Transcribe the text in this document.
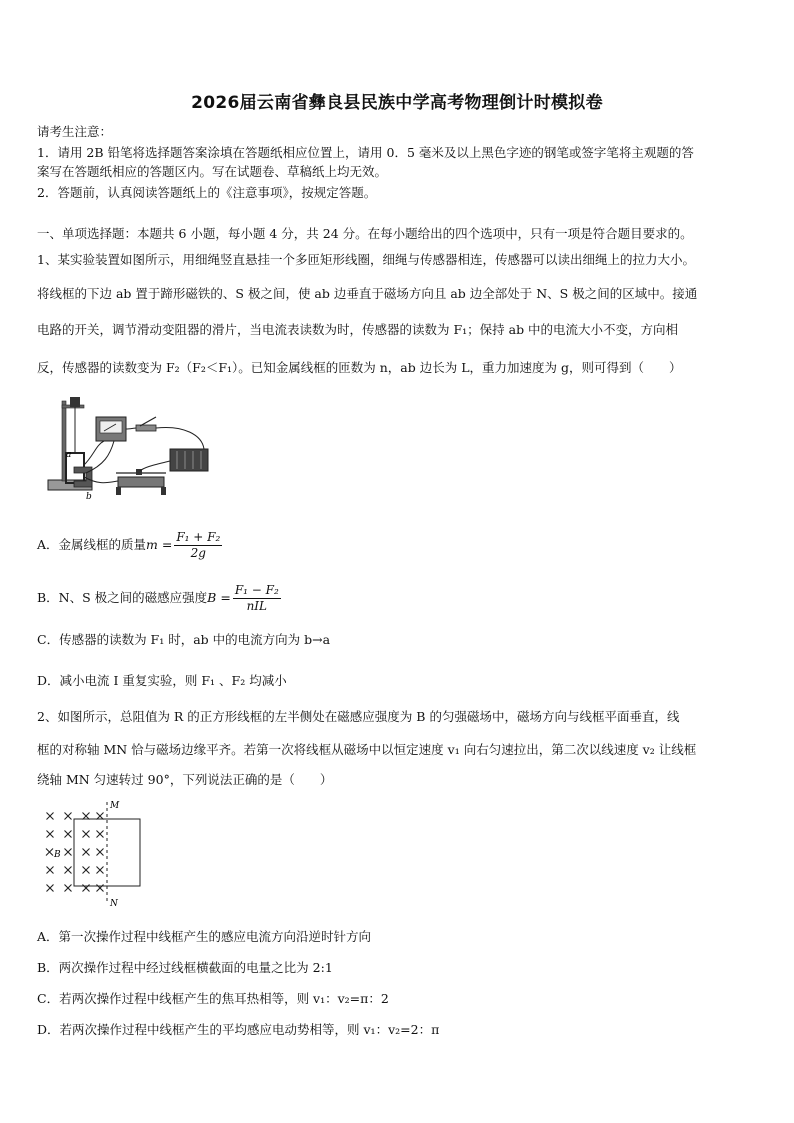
2026届云南省彝良县民族中学高考物理倒计时模拟卷
请考生注意：
1．请用 2B 铅笔将选择题答案涂填在答题纸相应位置上，请用 0．5 毫米及以上黑色字迹的钢笔或签字笔将主观题的答
案写在答题纸相应的答题区内。写在试题卷、草稿纸上均无效。
2．答题前，认真阅读答题纸上的《注意事项》，按规定答题。
一、单项选择题：本题共 6 小题，每小题 4 分，共 24 分。在每小题给出的四个选项中，只有一项是符合题目要求的。
1、某实验装置如图所示，用细绳竖直悬挂一个多匝矩形线圈，细绳与传感器相连，传感器可以读出细绳上的拉力大小。
将线框的下边 ab 置于蹄形磁铁的、S 极之间，使 ab 边垂直于磁场方向且 ab 边全部处于 N、S 极之间的区域中。接通
电路的开关，调节滑动变阻器的滑片，当电流表读数为时，传感器的读数为 F₁；保持 ab 中的电流大小不变，方向相
反，传感器的读数变为 F₂（F₂＜F₁）。已知金属线框的匝数为 n，ab 边长为 L，重力加速度为 g，则可得到（　　）
a
b
A．金属线框的质量$m = \frac{\text{F₁ + F₂}}{2g}$
B．N、S 极之间的磁感应强度$B = \frac{\text{F₁ − F₂}}{\text{nIL}}$
C．传感器的读数为 F₁ 时，ab 中的电流方向为 b→a
D．减小电流 I 重复实验，则 F₁ 、F₂ 均减小
2、如图所示，总阻值为 R 的正方形线框的左半侧处在磁感应强度为 B 的匀强磁场中，磁场方向与线框平面垂直，线
框的对称轴 MN 恰与磁场边缘平齐。若第一次将线框从磁场中以恒定速度 v₁ 向右匀速拉出，第二次以线速度 v₂ 让线框
绕轴 MN 匀速转过 90°，下列说法正确的是（　　）
M
B
N
A．第一次操作过程中线框产生的感应电流方向沿逆时针方向
B．两次操作过程中经过线框横截面的电量之比为 2:1
C．若两次操作过程中线框产生的焦耳热相等，则 v₁：v₂=π：2
D．若两次操作过程中线框产生的平均感应电动势相等，则 v₁：v₂=2：π
